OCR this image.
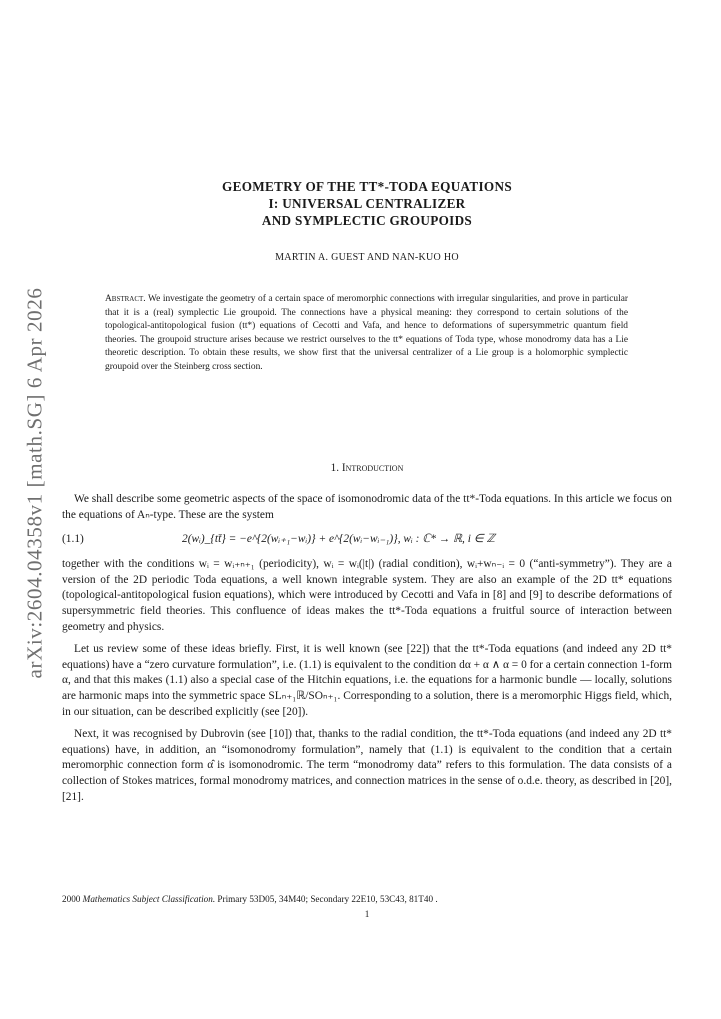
arXiv:2604.04358v1 [math.SG] 6 Apr 2026
GEOMETRY OF THE TT*-TODA EQUATIONS
I: UNIVERSAL CENTRALIZER
AND SYMPLECTIC GROUPOIDS
MARTIN A. GUEST AND NAN-KUO HO
Abstract. We investigate the geometry of a certain space of meromorphic connections with irregular singularities, and prove in particular that it is a (real) symplectic Lie groupoid. The connections have a physical meaning: they correspond to certain solutions of the topological-antitopological fusion (tt*) equations of Cecotti and Vafa, and hence to deformations of supersymmetric quantum field theories. The groupoid structure arises because we restrict ourselves to the tt* equations of Toda type, whose monodromy data has a Lie theoretic description. To obtain these results, we show first that the universal centralizer of a Lie group is a holomorphic symplectic groupoid over the Steinberg cross section.
1. Introduction

We shall describe some geometric aspects of the space of isomonodromic data of the tt*-Toda equations. In this article we focus on the equations of Aₙ-type. These are the system

(1.1)	2(wᵢ)_{tt̄} = −e^{2(wᵢ₊₁−wᵢ)} + e^{2(wᵢ−wᵢ₋₁)}, wᵢ : ℂ* → ℝ, i ∈ ℤ

together with the conditions wᵢ = wᵢ₊ₙ₊₁ (periodicity), wᵢ = wᵢ(|t|) (radial condition), wᵢ+wₙ₋ᵢ = 0 (“anti-symmetry”). They are a version of the 2D periodic Toda equations, a well known integrable system. They are also an example of the 2D tt* equations (topological-antitopological fusion equations), which were introduced by Cecotti and Vafa in [8] and [9] to describe deformations of supersymmetric field theories. This confluence of ideas makes the tt*-Toda equations a fruitful source of interaction between geometry and physics.

Let us review some of these ideas briefly. First, it is well known (see [22]) that the tt*-Toda equations (and indeed any 2D tt* equations) have a “zero curvature formulation”, i.e. (1.1) is equivalent to the condition dα + α ∧ α = 0 for a certain connection 1-form α, and that this makes (1.1) also a special case of the Hitchin equations, i.e. the equations for a harmonic bundle — locally, solutions are harmonic maps into the symmetric space SLₙ₊₁ℝ/SOₙ₊₁. Corresponding to a solution, there is a meromorphic Higgs field, which, in our situation, can be described explicitly (see [20]).

Next, it was recognised by Dubrovin (see [10]) that, thanks to the radial condition, the tt*-Toda equations (and indeed any 2D tt* equations) have, in addition, an “isomonodromy formulation”, namely that (1.1) is equivalent to the condition that a certain meromorphic connection form α̂ is isomonodromic. The term “monodromy data” refers to this formulation. The data consists of a collection of Stokes matrices, formal monodromy matrices, and connection matrices in the sense of o.d.e. theory, as described in [20],[21].

2000 Mathematics Subject Classification. Primary 53D05, 34M40; Secondary 22E10, 53C43, 81T40 .
1
